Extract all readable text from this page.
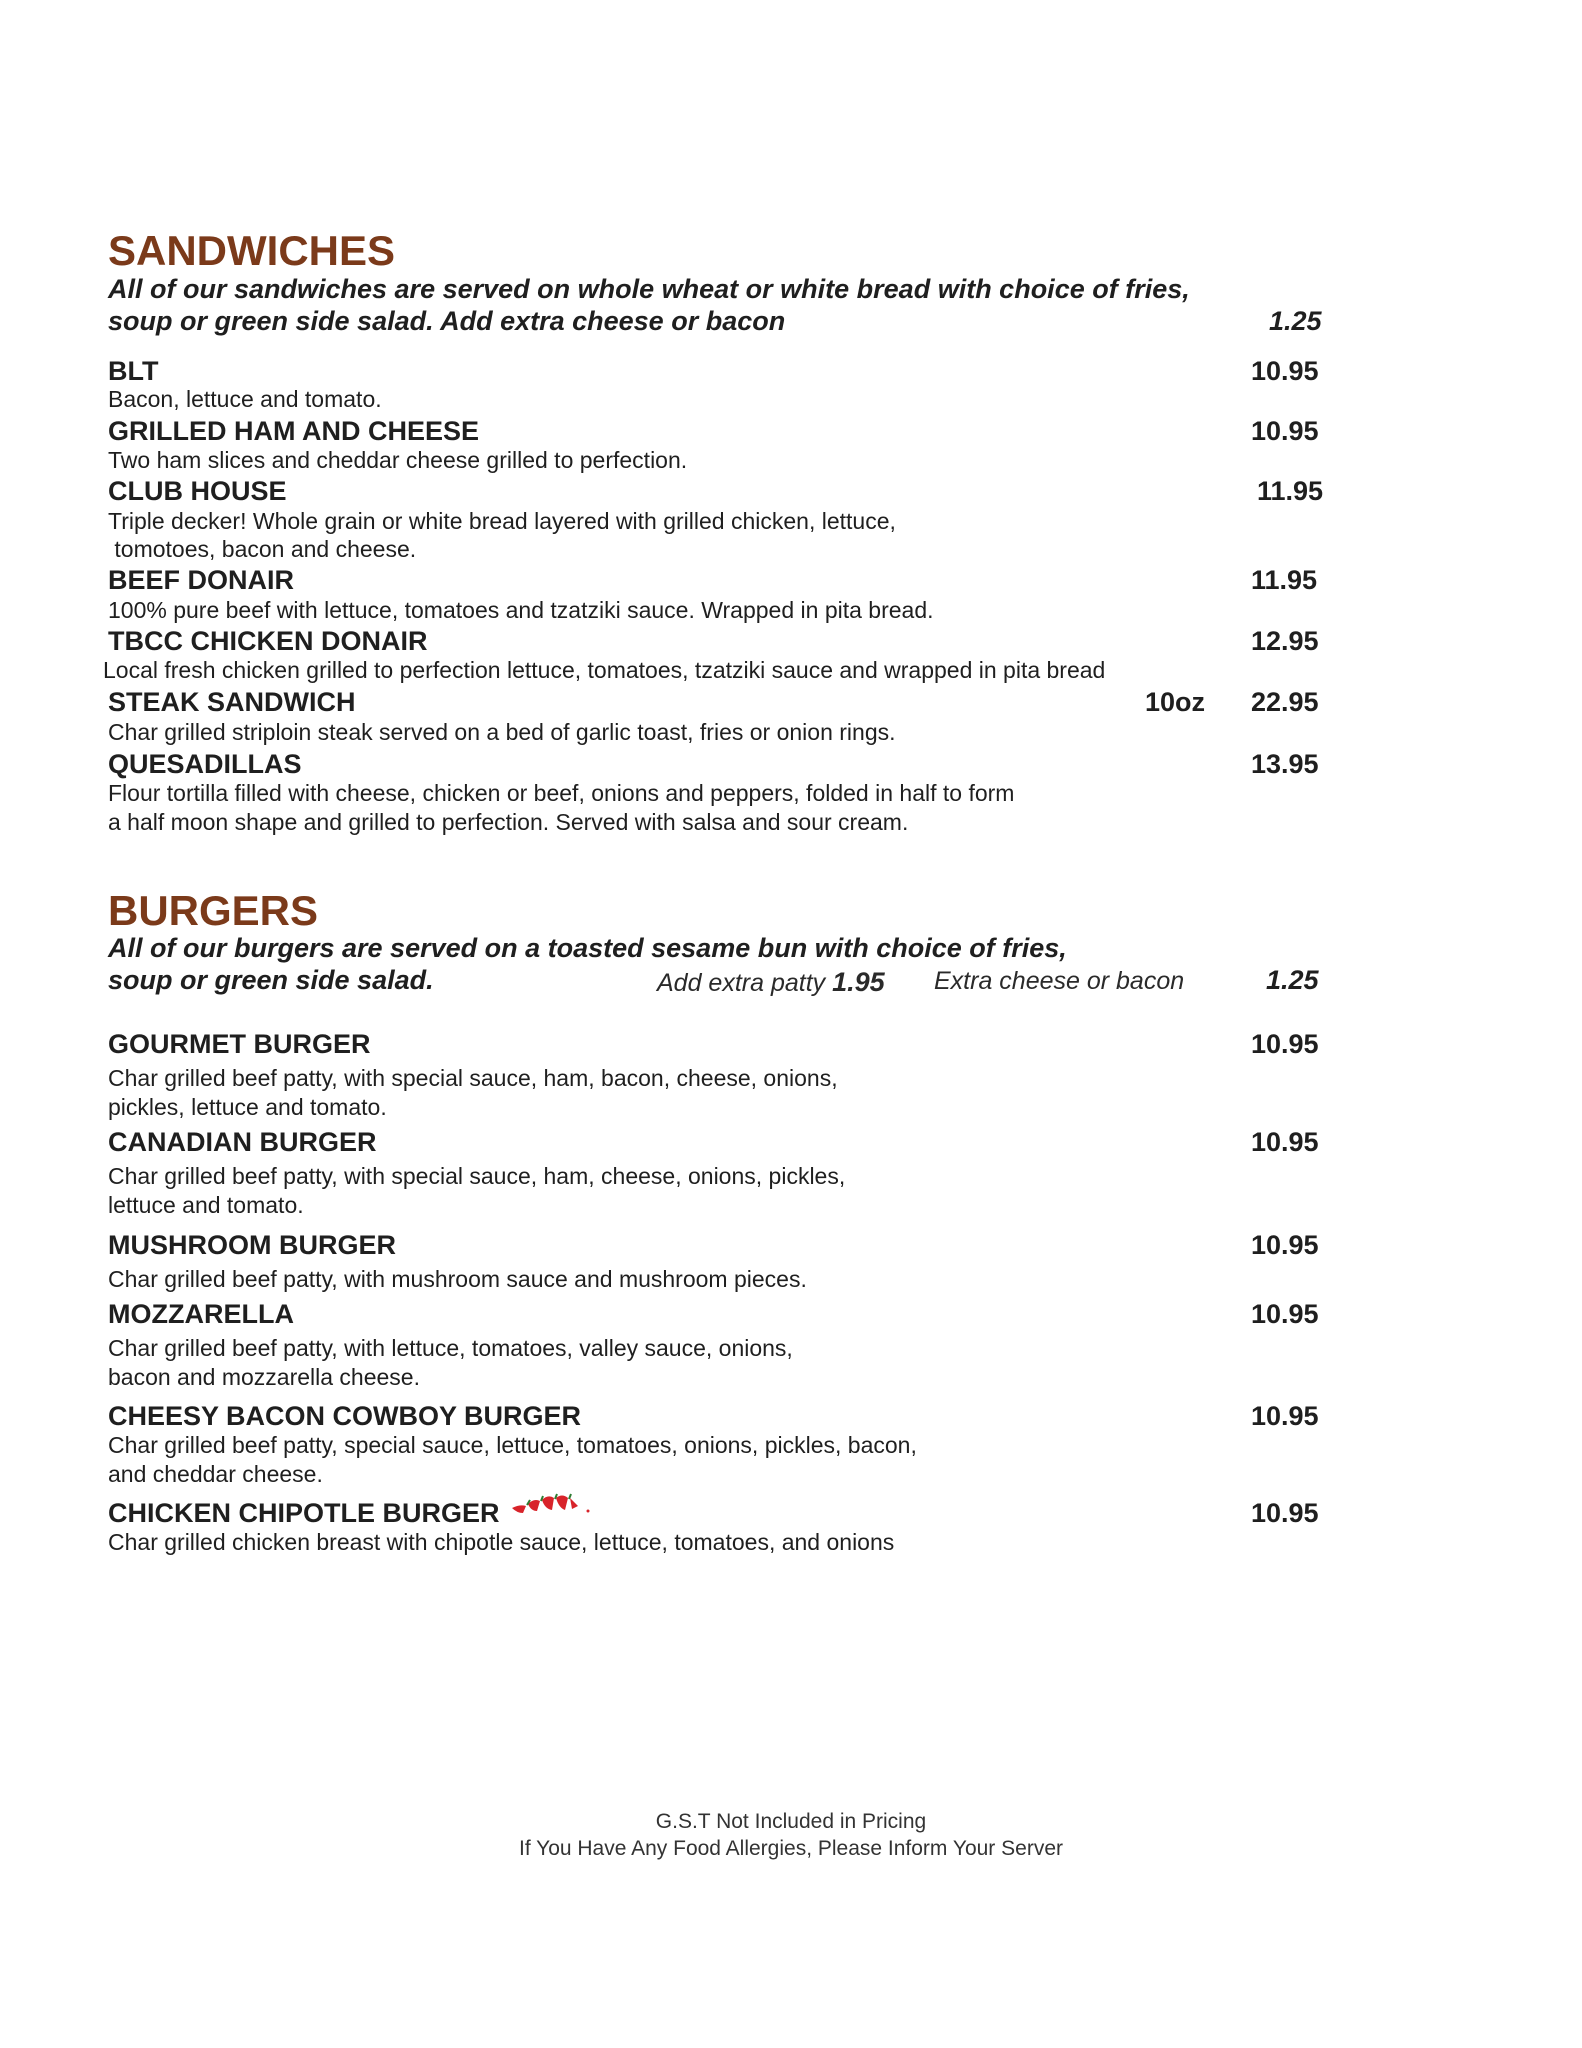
SANDWICHES

All of our sandwiches are served on whole wheat or white bread with choice of fries,

soup or green side salad. Add extra cheese or bacon	1.25

BLT	10.95

Bacon, lettuce and tomato.

GRILLED HAM AND CHEESE	10.95

Two ham slices and cheddar cheese grilled to perfection.

CLUB HOUSE	11.95

Triple decker! Whole grain or white bread layered with grilled chicken, lettuce,

tomotoes, bacon and cheese.

BEEF DONAIR	11.95

100% pure beef with lettuce, tomatoes and tzatziki sauce. Wrapped in pita bread.

TBCC CHICKEN DONAIR	12.95

Local fresh chicken grilled to perfection lettuce, tomatoes, tzatziki sauce and wrapped in pita bread

STEAK SANDWICH	10oz 22.95

Char grilled striploin steak served on a bed of garlic toast, fries or onion rings.

QUESADILLAS	13.95

Flour tortilla filled with cheese, chicken or beef, onions and peppers, folded in half to form

a half moon shape and grilled to perfection. Served with salsa and sour cream.

BURGERS

All of our burgers are served on a toasted sesame bun with choice of fries,

soup or green side salad.	Add extra patty 1.95 Extra cheese or bacon	1.25

GOURMET BURGER	10.95

Char grilled beef patty, with special sauce, ham, bacon, cheese, onions,

pickles, lettuce and tomato.

CANADIAN BURGER	10.95

Char grilled beef patty, with special sauce, ham, cheese, onions, pickles,

lettuce and tomato.

MUSHROOM BURGER	10.95

Char grilled beef patty, with mushroom sauce and mushroom pieces.

MOZZARELLA	10.95

Char grilled beef patty, with lettuce, tomatoes, valley sauce, onions,

bacon and mozzarella cheese.

CHEESY BACON COWBOY BURGER	10.95

Char grilled beef patty, special sauce, lettuce, tomatoes, onions, pickles, bacon,

and cheddar cheese.

CHICKEN CHIPOTLE BURGER	10.95

Char grilled chicken breast with chipotle sauce, lettuce, tomatoes, and onions

G.S.T Not Included in Pricing

If You Have Any Food Allergies, Please Inform Your Server
